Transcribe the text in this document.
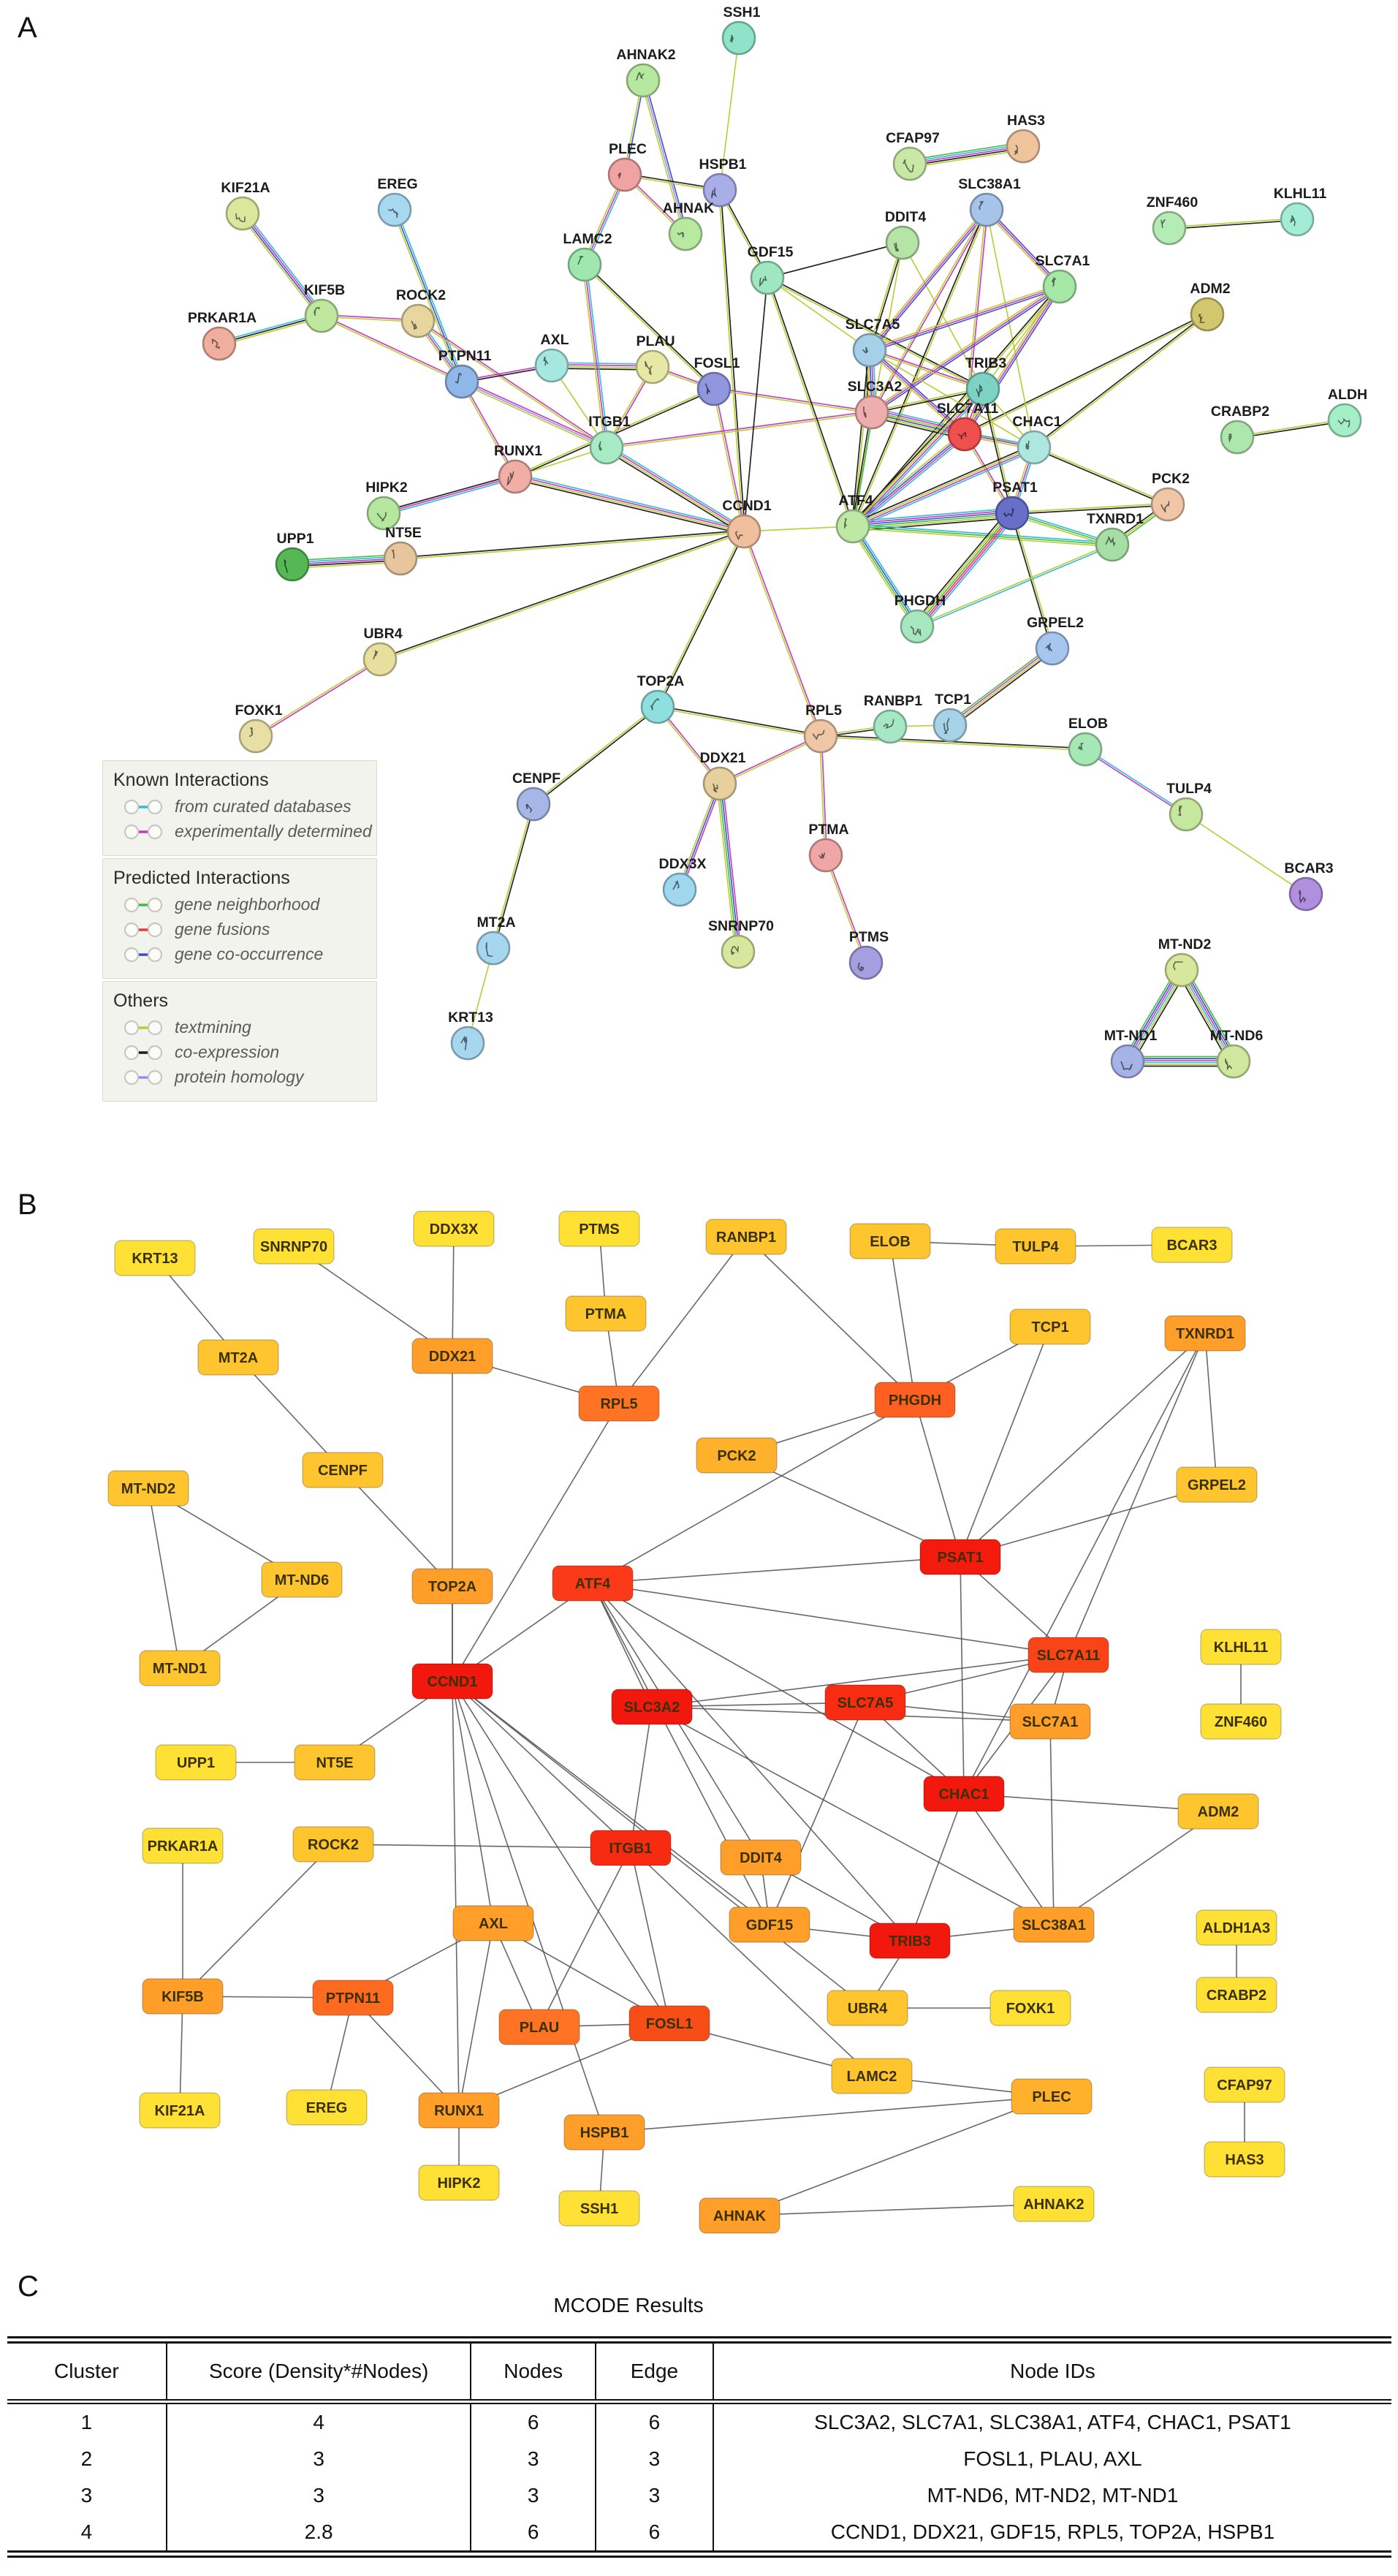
SSH1
AHNAK2
PLEC
HSPB1
AHNAK
CFAP97
HAS3
KLHL11
ZNF460
SLC38A1
DDIT4
ADM2
KIF21A	EREG
LAMC2
GDF15
SLC7A1
KIF5B	ROCK2
PRKAR1A	SLC7A5
TRIB3
PTPN11
AXL	PLAU
FOSL1
SLC3A2
SLC7A11
CHAC1
CRABP2
ALDH
ITGB1
RUNX1
ATF4
PSAT1
PCK2
TXNRD1
HIPK2
NT5E
CCND1
UPP1
PHGDH
GRPEL2
UBR4
FOXK1
TOP2A
CENPF
DDX21
RPL5
RANBP1 TCP1
ELOB
TULP4
BCAR3
PTMA
DDX3X
SNRNP70
PTMS
MT2A
KRT13
MT-ND2
MT-ND1	MT-ND6
KRT13
SNRNP70
DDX3X	PTMS	RANBP1	ELOB	TULP4	BCAR3
MT2A	DDX21
PTMA
TCP1	TXNRD1
RPL5	PHGDH
CENPF
PCK2
GRPEL2
MT-ND2
MT-ND6	TOP2A	ATF4
PSAT1
MT-ND1
CCND1
SLC3A2	SLC7A5
SLC7A11
SLC7A1
KLHL11
ZNF460
UPP1	NT5E
CHAC1
ADM2
PRKAR1A	ROCK2	ITGB1
DDIT4
AXL	GDF15
TRIB3
SLC38A1	ALDH1A3
KIF5B	PTPN11
UBR4	FOXK1
CRABP2
PLAU	FOSL1
KIF21A	EREG	RUNX1
LAMC2
PLEC
CFAP97
HSPB1
HAS3
HIPK2
SSH1	AHNAK
AHNAK2
A
B
C
Known Interactions
from curated databases
experimentally determined
Predicted Interactions
gene neighborhood
gene fusions
gene co-occurrence
Others
textmining
co-expression
protein homology
MCODE Results
Cluster	Score (Density*#Nodes)	Nodes	Edge	Node IDs
1	4	6	6	SLC3A2, SLC7A1, SLC38A1, ATF4, CHAC1, PSAT1
2	3	3	3	FOSL1, PLAU, AXL
3	3	3	3	MT-ND6, MT-ND2, MT-ND1
4	2.8	6	6	CCND1, DDX21, GDF15, RPL5, TOP2A, HSPB1
